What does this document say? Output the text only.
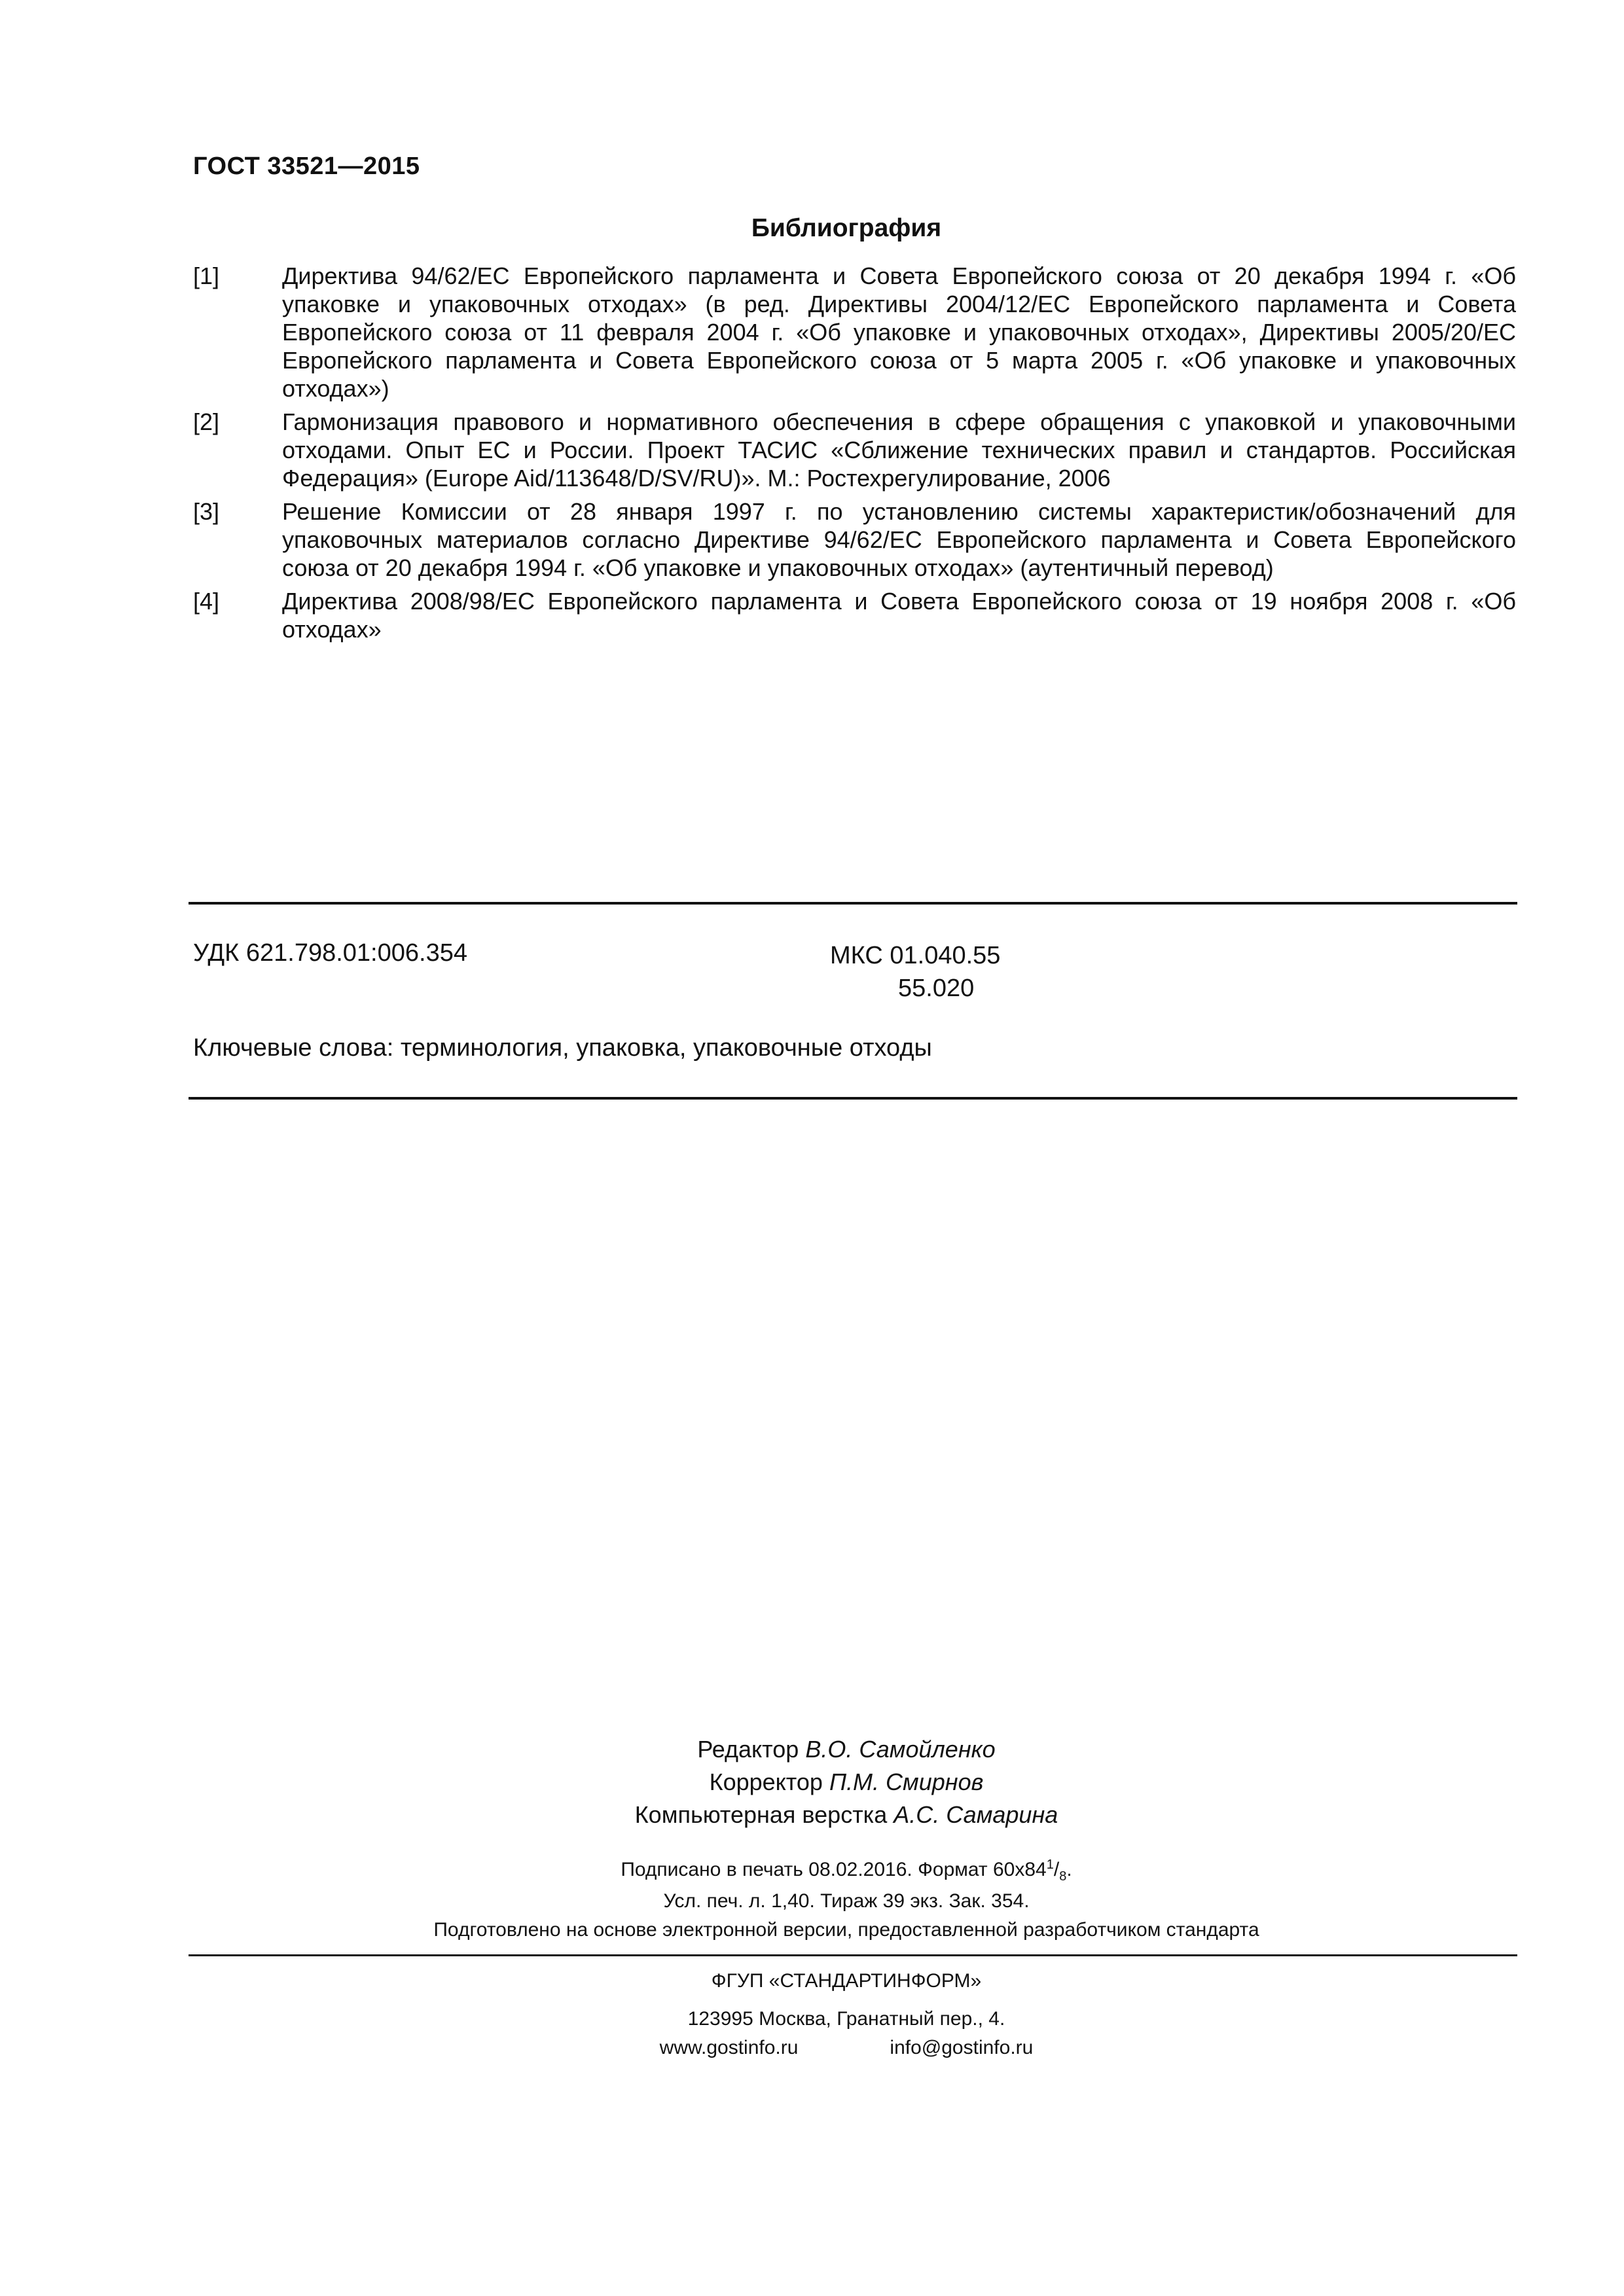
ГОСТ 33521—2015
Библиография
[1]	Директива 94/62/ЕС Европейского парламента и Совета Европейского союза от 20 декабря 1994 г. «Об упаковке и упаковочных отходах» (в ред. Директивы 2004/12/ЕС Европейского парламента и Совета Европейского союза от 11 февраля 2004 г. «Об упаковке и упаковочных отходах», Директивы 2005/20/ЕС Европейского парламента и Совета Европейского союза от 5 марта 2005 г. «Об упаковке и упаковочных отходах»)
[2]	Гармонизация правового и нормативного обеспечения в сфере обращения с упаковкой и упаковочными отходами. Опыт ЕС и России. Проект ТАСИС «Сближение технических правил и стандартов. Российская Федерация» (Europe Aid/113648/D/SV/RU)». М.: Ростехрегулирование, 2006
[3]	Решение Комиссии от 28 января 1997 г. по установлению системы характеристик/обозначений для упаковочных материалов согласно Директиве 94/62/ЕС Европейского парламента и Совета Европейского союза от 20 декабря 1994 г. «Об упаковке и упаковочных отходах» (аутентичный перевод)
[4]	Директива 2008/98/ЕС Европейского парламента и Совета Европейского союза от 19 ноября 2008 г. «Об отходах»
УДК 621.798.01:006.354	МКС 01.040.55
55.020
Ключевые слова: терминология, упаковка, упаковочные отходы
Редактор В.О. Самойленко
Корректор П.М. Смирнов
Компьютерная верстка А.С. Самарина
Подписано в печать 08.02.2016. Формат $60х84^1/_8$.
Усл. печ. л. 1,40. Тираж 39 экз. Зак. 354.
Подготовлено на основе электронной версии, предоставленной разработчиком стандарта
ФГУП «СТАНДАРТИНФОРМ»
123995 Москва, Гранатный пер., 4.
www.gostinfo.ru	info@gostinfo.ru
